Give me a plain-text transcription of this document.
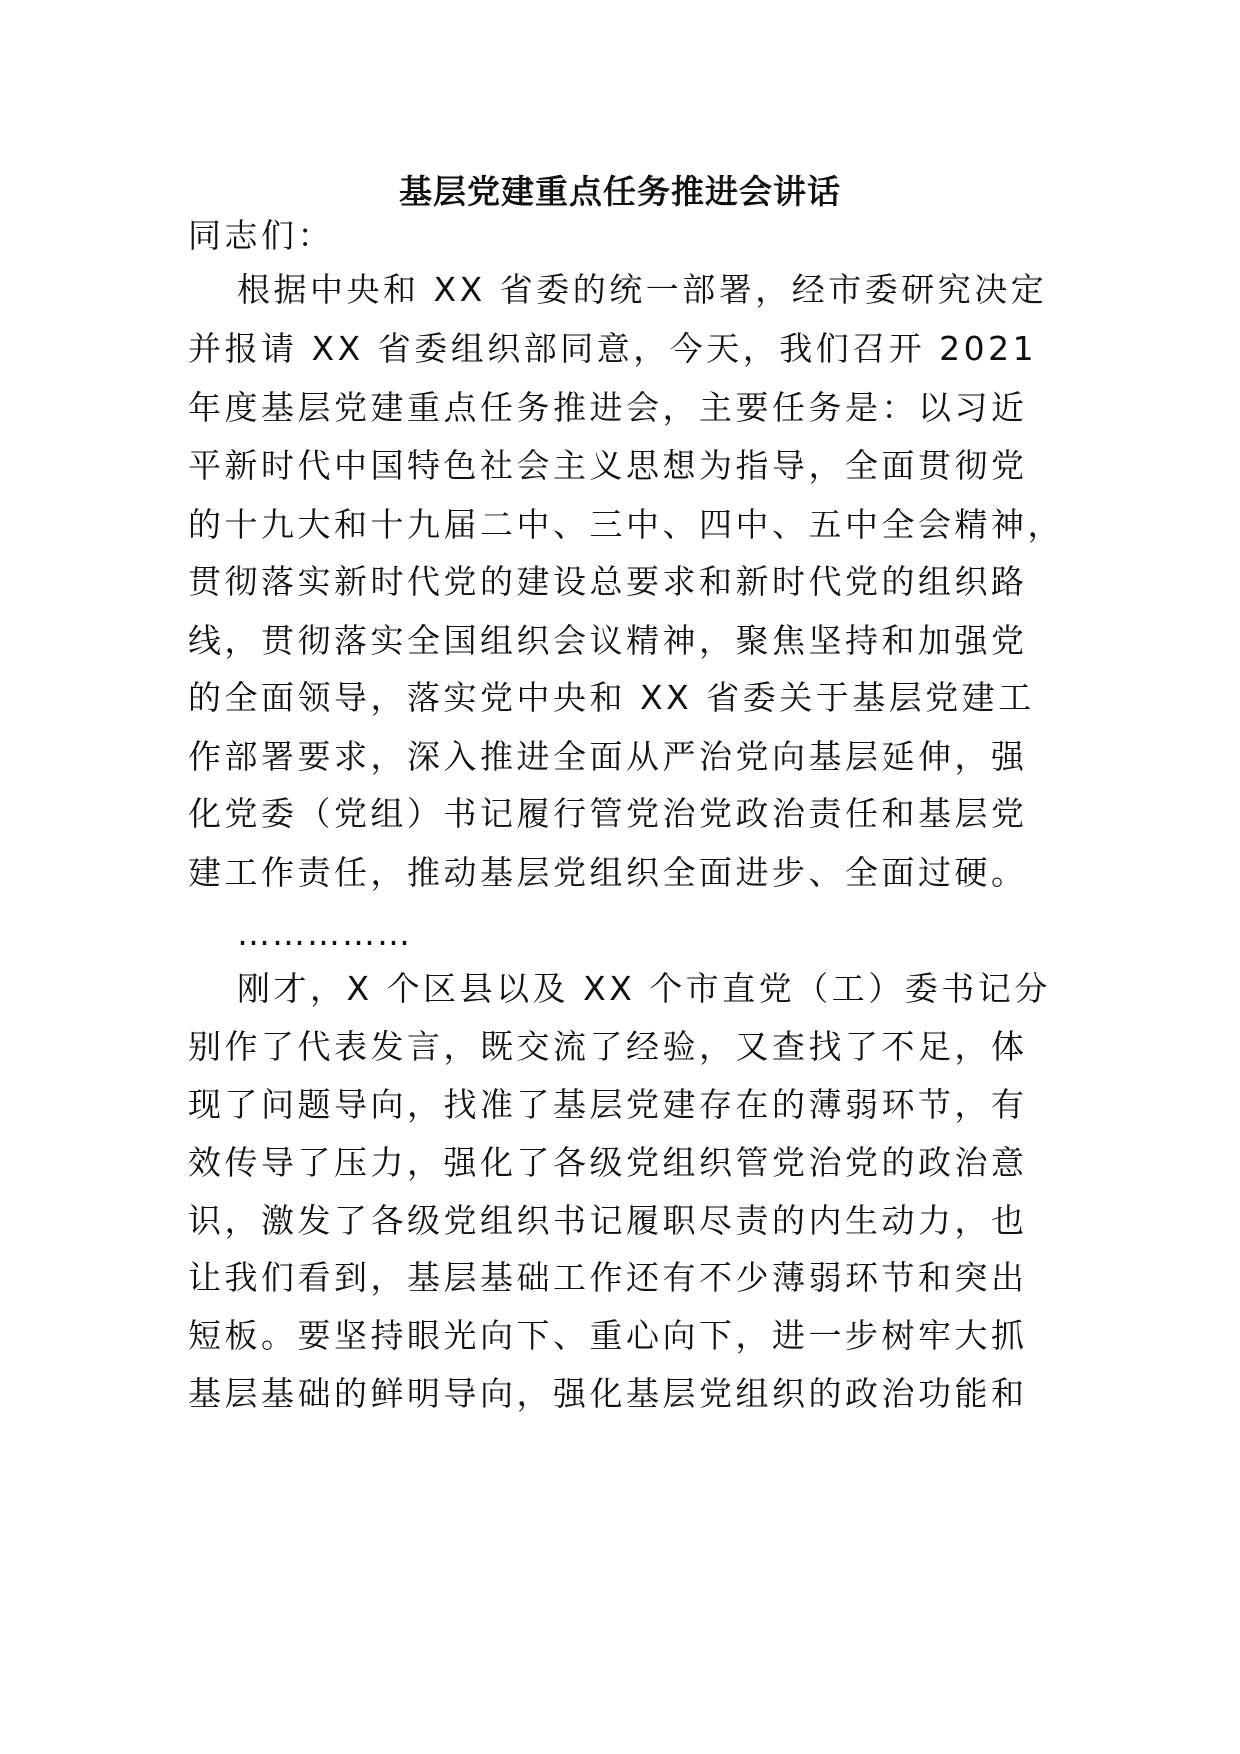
基层党建重点任务推进会讲话
同志们：
根据中央和 XX 省委的统一部署，经市委研究决定
并报请 XX 省委组织部同意，今天，我们召开 2021
年度基层党建重点任务推进会，主要任务是：以习近
平新时代中国特色社会主义思想为指导，全面贯彻党
的十九大和十九届二中、三中、四中、五中全会精神，
贯彻落实新时代党的建设总要求和新时代党的组织路
线，贯彻落实全国组织会议精神，聚焦坚持和加强党
的全面领导，落实党中央和 XX 省委关于基层党建工
作部署要求，深入推进全面从严治党向基层延伸，强
化党委（党组）书记履行管党治党政治责任和基层党
建工作责任，推动基层党组织全面进步、全面过硬。
……………
刚才，X 个区县以及 XX 个市直党（工）委书记分
别作了代表发言，既交流了经验，又查找了不足，体
现了问题导向，找准了基层党建存在的薄弱环节，有
效传导了压力，强化了各级党组织管党治党的政治意
识，激发了各级党组织书记履职尽责的内生动力，也
让我们看到，基层基础工作还有不少薄弱环节和突出
短板。要坚持眼光向下、重心向下，进一步树牢大抓
基层基础的鲜明导向，强化基层党组织的政治功能和
